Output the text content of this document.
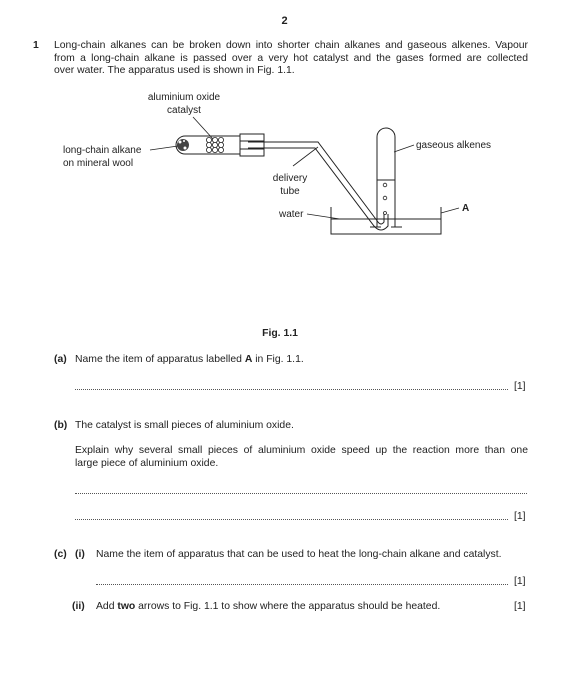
2
1 Long-chain alkanes can be broken down into shorter chain alkanes and gaseous alkenes. Vapour
from a long-chain alkane is passed over a very hot catalyst and the gases formed are collected
over water. The apparatus used is shown in Fig. 1.1.
aluminium oxide
catalyst
long-chain alkane
on mineral wool
delivery
tube
water
gaseous alkenes
A
Fig. 1.1
(a) Name the item of apparatus labelled A in Fig. 1.1.
[1]
(b) The catalyst is small pieces of aluminium oxide.
Explain why several small pieces of aluminium oxide speed up the reaction more than one
large piece of aluminium oxide.
[1]
(c) (i) Name the item of apparatus that can be used to heat the long-chain alkane and catalyst.
[1]
(ii) Add two arrows to Fig. 1.1 to show where the apparatus should be heated.	[1]
